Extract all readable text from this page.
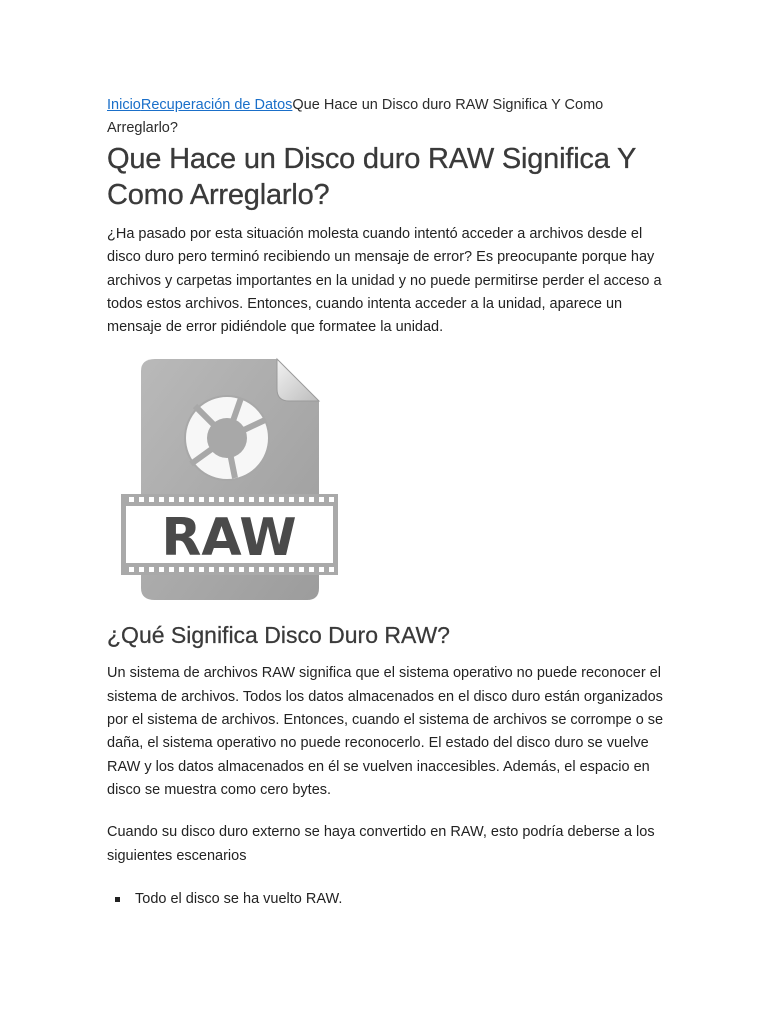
InicioRecuperación de DatosQue Hace un Disco duro RAW Significa Y Como Arreglarlo?
Que Hace un Disco duro RAW Significa Y Como Arreglarlo?

¿Ha pasado por esta situación molesta cuando intentó acceder a archivos desde el disco duro pero terminó recibiendo un mensaje de error? Es preocupante porque hay archivos y carpetas importantes en la unidad y no puede permitirse perder el acceso a todos estos archivos. Entonces, cuando intenta acceder a la unidad, aparece un mensaje de error pidiéndole que formatee la unidad.

RAW
¿Qué Significa Disco Duro RAW?

Un sistema de archivos RAW significa que el sistema operativo no puede reconocer el sistema de archivos. Todos los datos almacenados en el disco duro están organizados por el sistema de archivos. Entonces, cuando el sistema de archivos se corrompe o se daña, el sistema operativo no puede reconocerlo. El estado del disco duro se vuelve RAW y los datos almacenados en él se vuelven inaccesibles. Además, el espacio en disco se muestra como cero bytes.

Cuando su disco duro externo se haya convertido en RAW, esto podría deberse a los siguientes escenarios

Todo el disco se ha vuelto RAW.
